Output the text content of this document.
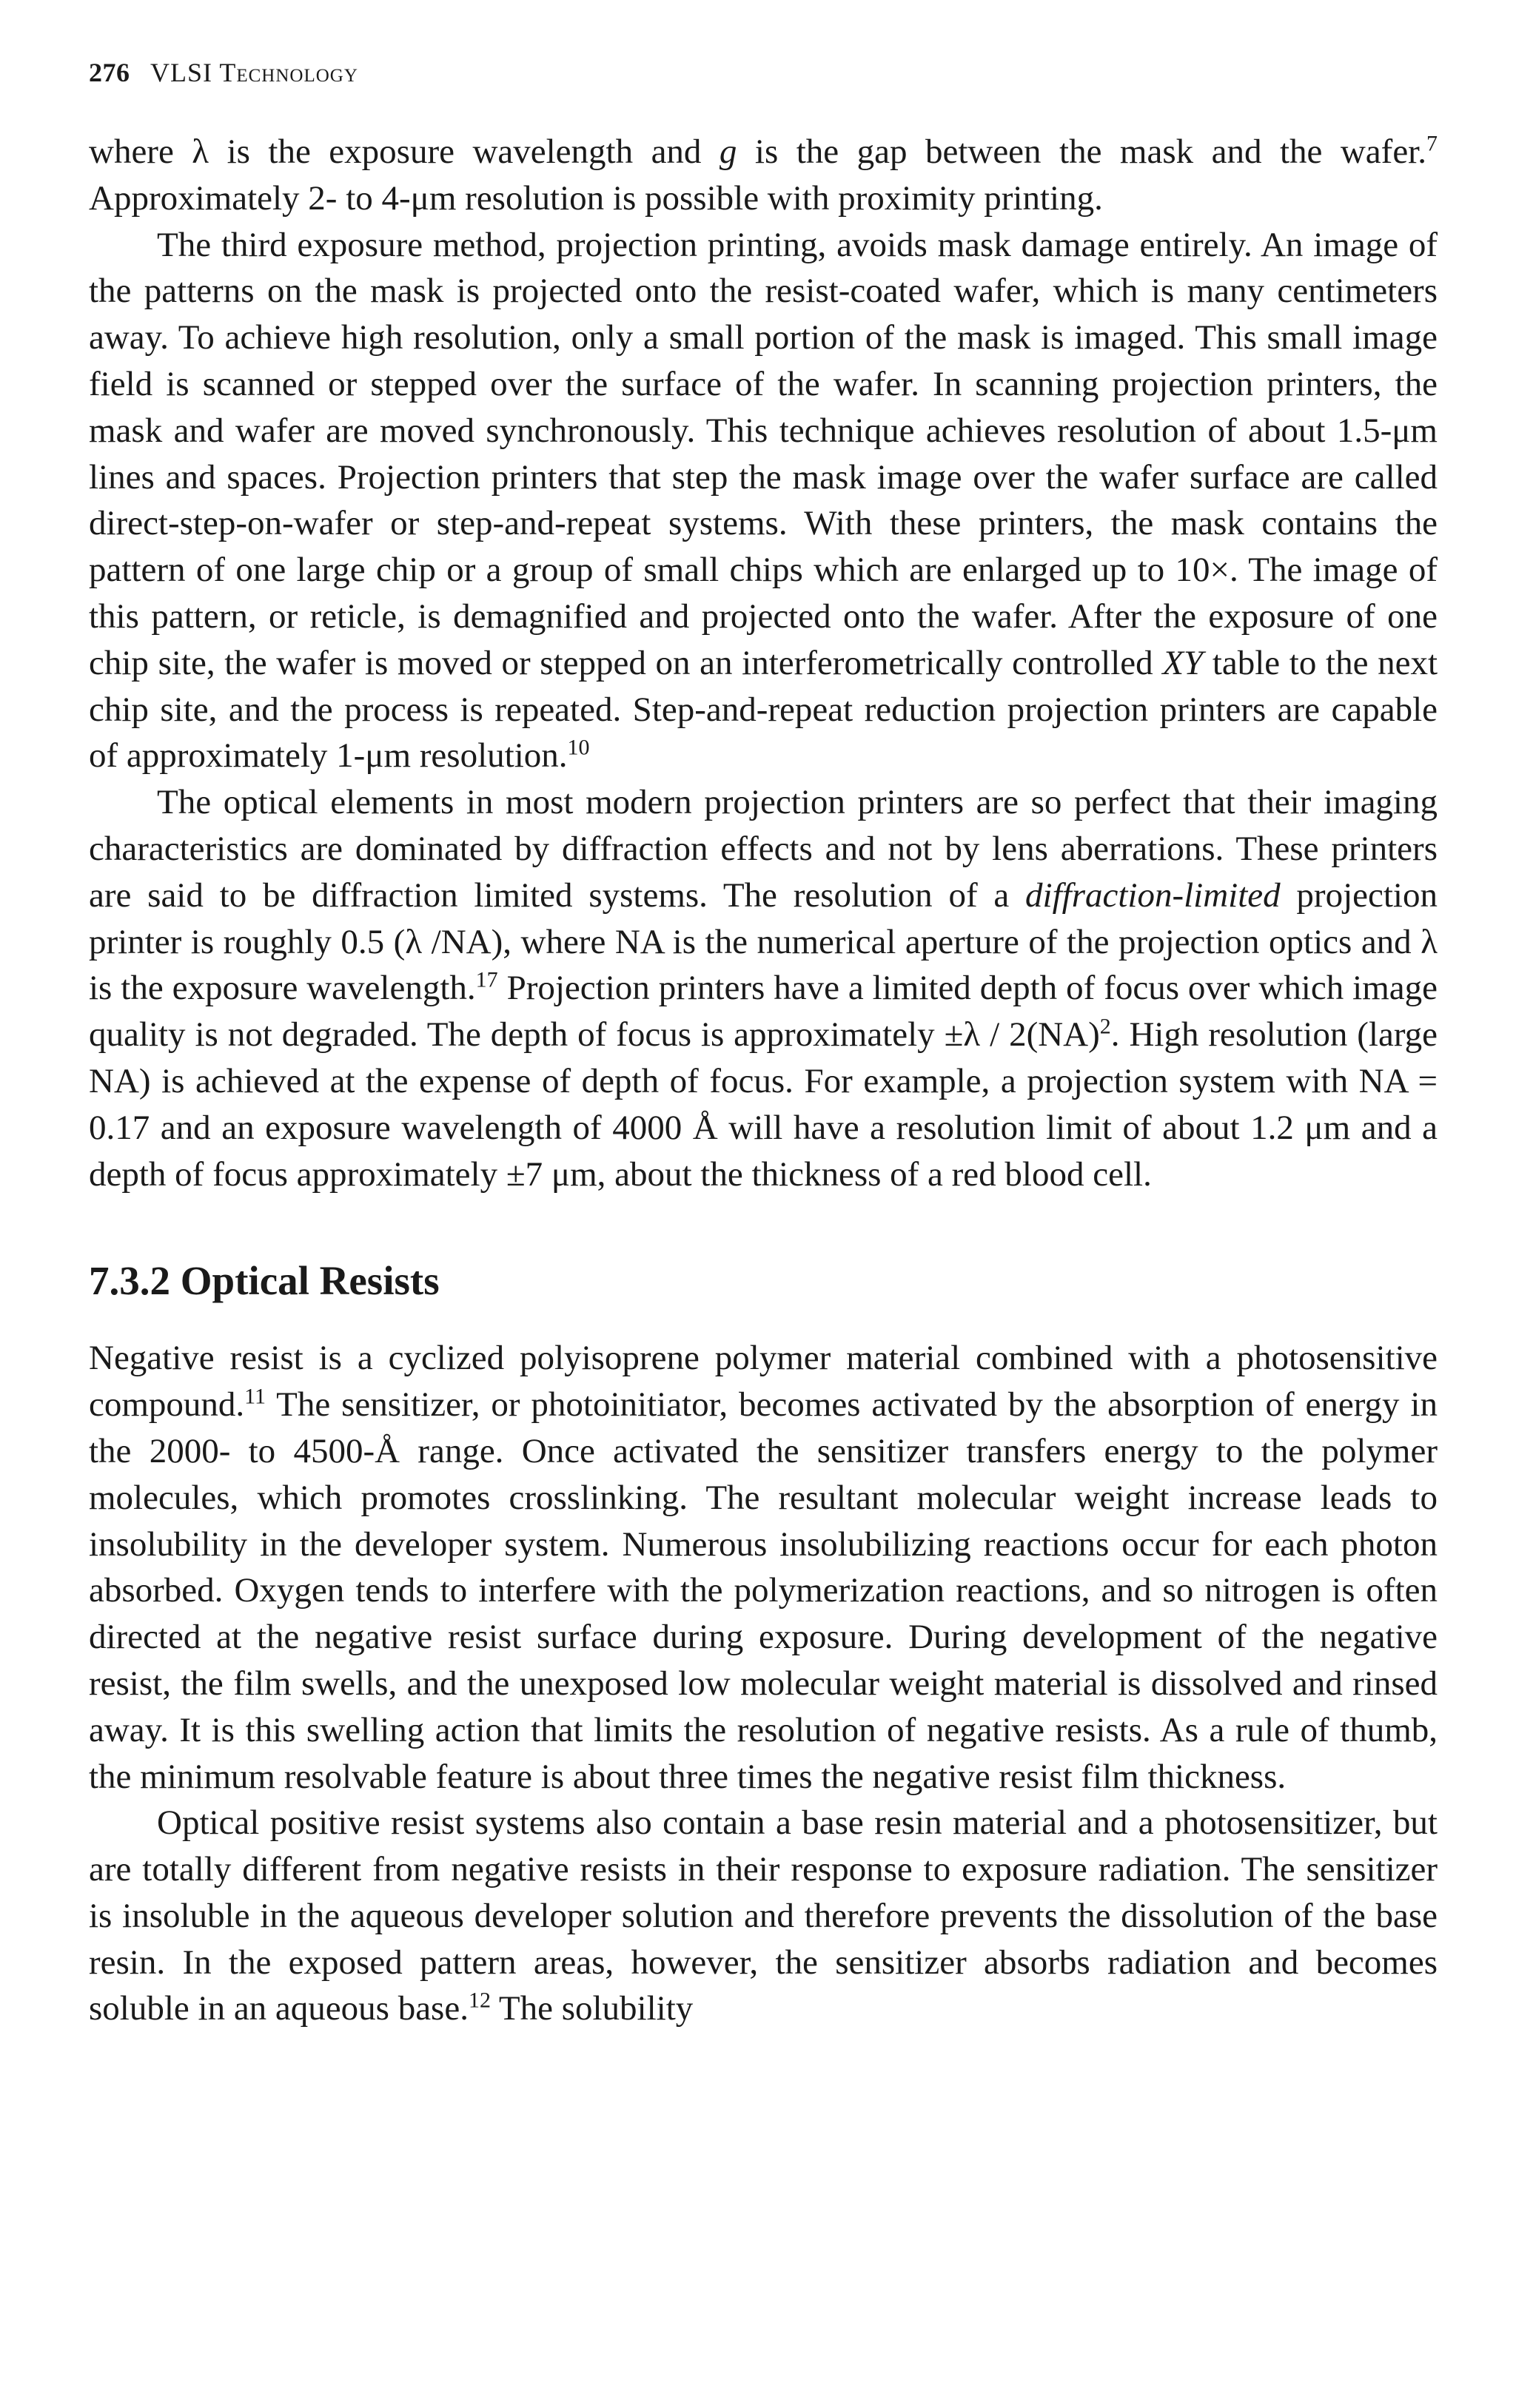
276 VLSI Technology

where λ is the exposure wavelength and g is the gap between the mask and the wafer.$^7$ Approximately 2- to 4-μm resolution is possible with proximity printing.

The third exposure method, projection printing, avoids mask damage entirely. An image of the patterns on the mask is projected onto the resist-coated wafer, which is many centimeters away. To achieve high resolution, only a small portion of the mask is imaged. This small image field is scanned or stepped over the surface of the wafer. In scanning projection printers, the mask and wafer are moved synchronously. This technique achieves resolution of about 1.5-μm lines and spaces. Projection printers that step the mask image over the wafer surface are called direct-step-on-wafer or step-and-repeat systems. With these printers, the mask contains the pattern of one large chip or a group of small chips which are enlarged up to 10×. The image of this pattern, or reticle, is demagnified and projected onto the wafer. After the exposure of one chip site, the wafer is moved or stepped on an interferometrically controlled XY table to the next chip site, and the process is repeated. Step-and-repeat reduction projection printers are capable of approximately 1-μm resolution.$^{10}$

The optical elements in most modern projection printers are so perfect that their imaging characteristics are dominated by diffraction effects and not by lens aberrations. These printers are said to be diffraction limited systems. The resolution of a diffraction-limited projection printer is roughly 0.5 (λ /NA), where NA is the numerical aperture of the projection optics and λ is the exposure wavelength.$^{17}$ Projection printers have a limited depth of focus over which image quality is not degraded. The depth of focus is approximately ±λ / 2(NA)$^2$. High resolution (large NA) is achieved at the expense of depth of focus. For example, a projection system with NA = 0.17 and an exposure wavelength of 4000 Å will have a resolution limit of about 1.2 μm and a depth of focus approximately ±7 μm, about the thickness of a red blood cell.

7.3.2 Optical Resists

Negative resist is a cyclized polyisoprene polymer material combined with a photosensitive compound.$^{11}$ The sensitizer, or photoinitiator, becomes activated by the absorption of energy in the 2000- to 4500-Å range. Once activated the sensitizer transfers energy to the polymer molecules, which promotes crosslinking. The resultant molecular weight increase leads to insolubility in the developer system. Numerous insolubilizing reactions occur for each photon absorbed. Oxygen tends to interfere with the polymerization reactions, and so nitrogen is often directed at the negative resist surface during exposure. During development of the negative resist, the film swells, and the unexposed low molecular weight material is dissolved and rinsed away. It is this swelling action that limits the resolution of negative resists. As a rule of thumb, the minimum resolvable feature is about three times the negative resist film thickness.

Optical positive resist systems also contain a base resin material and a photosensitizer, but are totally different from negative resists in their response to exposure radiation. The sensitizer is insoluble in the aqueous developer solution and therefore prevents the dissolution of the base resin. In the exposed pattern areas, however, the sensitizer absorbs radiation and becomes soluble in an aqueous base.$^{12}$ The solubility
